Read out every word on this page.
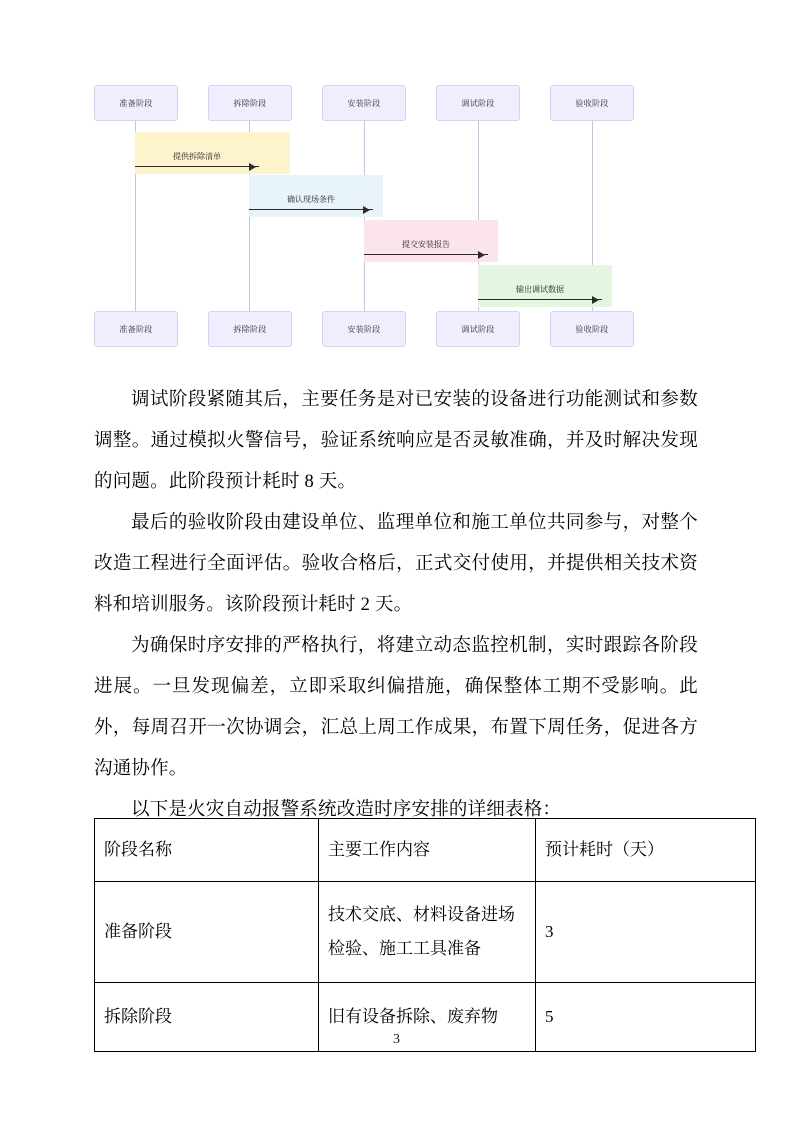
准备阶段	拆除阶段	安装阶段	调试阶段	验收阶段
提供拆除清单
确认现场条件
提交安装报告
输出调试数据
准备阶段	拆除阶段	安装阶段	调试阶段	验收阶段

调试阶段紧随其后，主要任务是对已安装的设备进行功能测试和参数调整。通过模拟火警信号，验证系统响应是否灵敏准确，并及时解决发现的问题。此阶段预计耗时 8 天。

最后的验收阶段由建设单位、监理单位和施工单位共同参与，对整个改造工程进行全面评估。验收合格后，正式交付使用，并提供相关技术资料和培训服务。该阶段预计耗时 2 天。

为确保时序安排的严格执行，将建立动态监控机制，实时跟踪各阶段进展。一旦发现偏差，立即采取纠偏措施，确保整体工期不受影响。此外，每周召开一次协调会，汇总上周工作成果，布置下周任务，促进各方沟通协作。

以下是火灾自动报警系统改造时序安排的详细表格：

阶段名称	主要工作内容	预计耗时（天）
准备阶段	技术交底、材料设备进场检验、施工工具准备	3
拆除阶段	旧有设备拆除、废弃物	5
3
